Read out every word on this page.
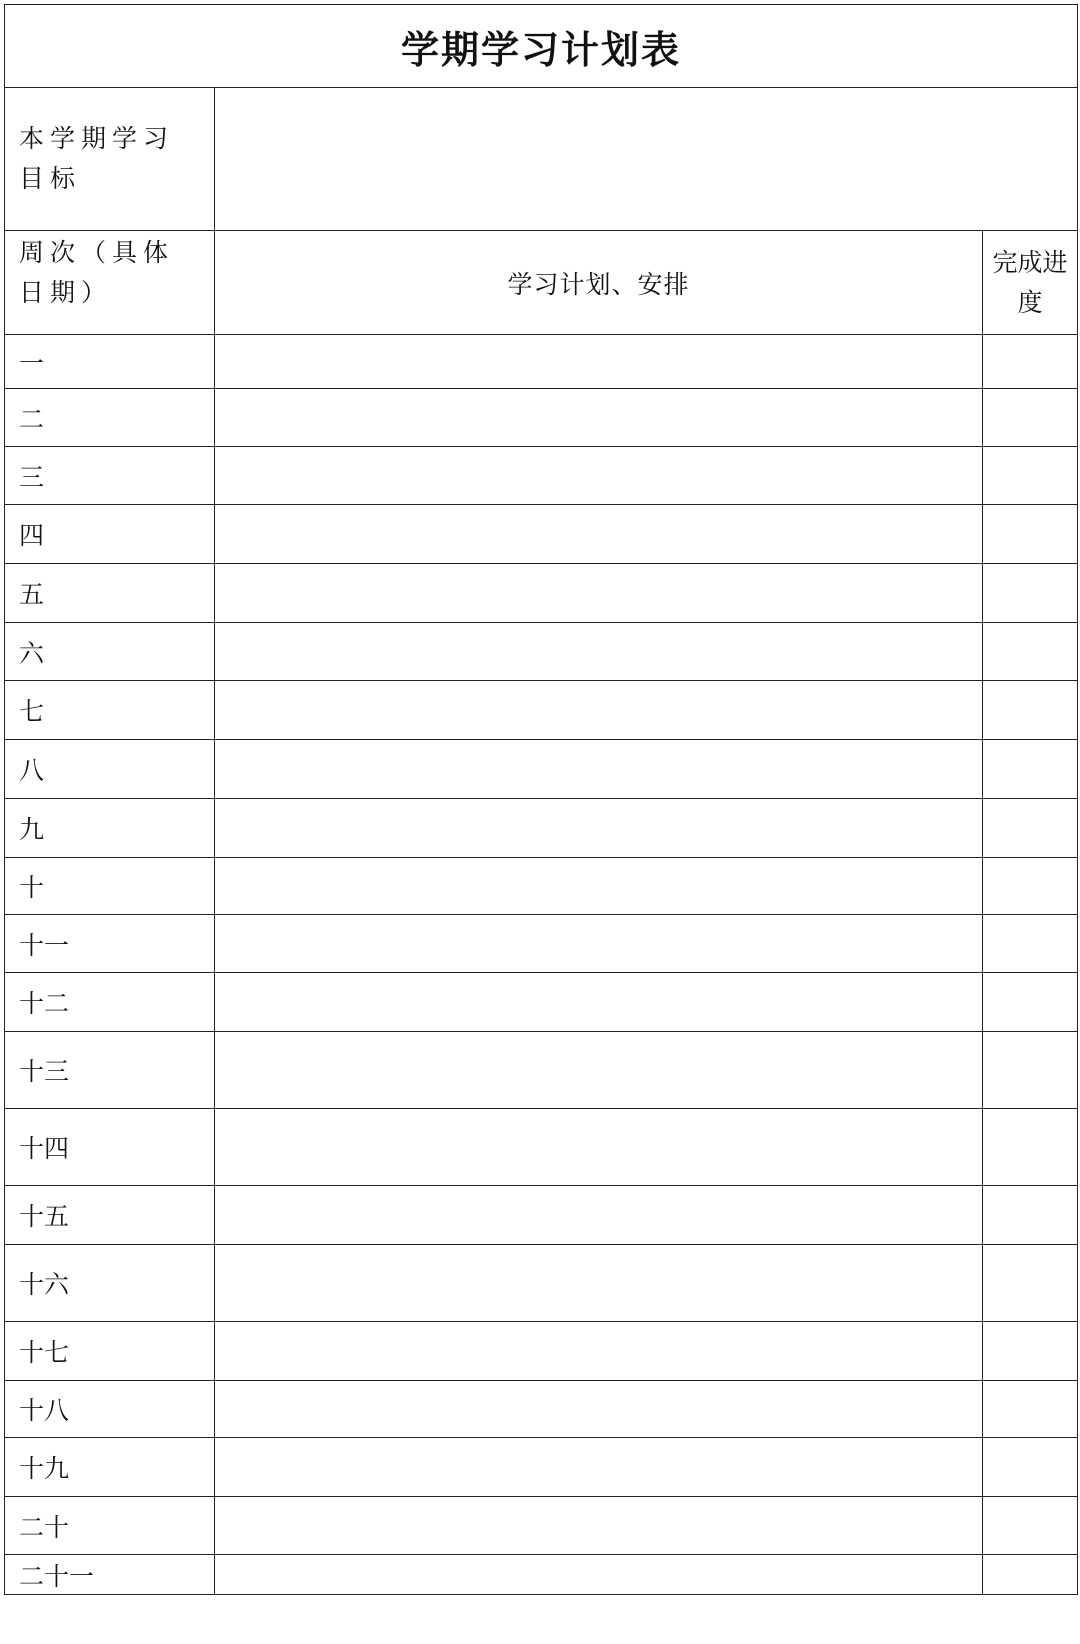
学期学习计划表		
本学期学习目标		

周次（具体日期）	学习计划、安排	完成进度
一		
二		
三		
四		
五		
六		
七		
八		
九		
十		
十一		
十二		
十三		
十四		
十五		
十六		
十七		
十八		
十九		
二十		
二十一		
